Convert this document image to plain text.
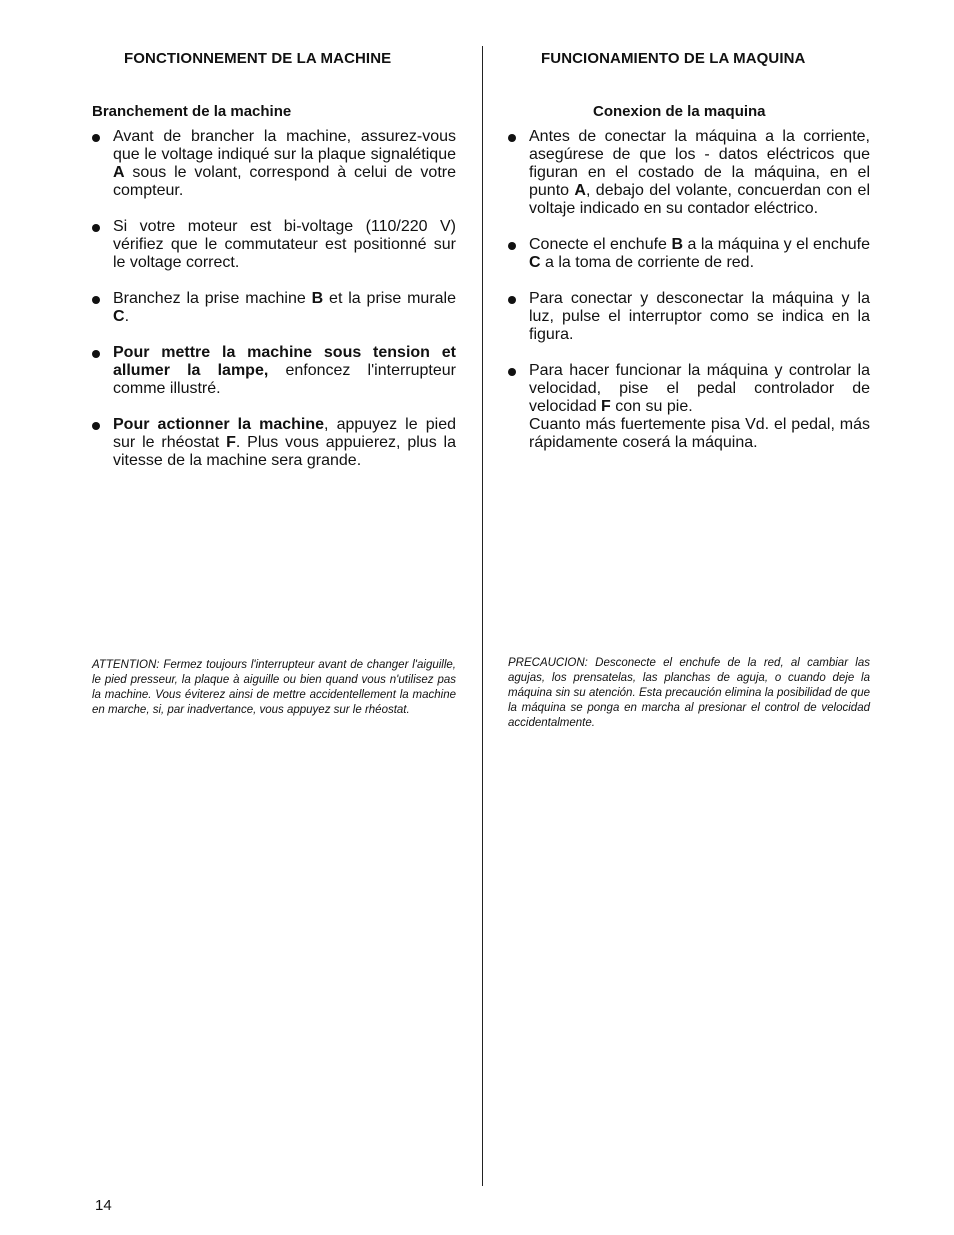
FONCTIONNEMENT DE LA MACHINE
Branchement de la machine
Avant de brancher la machine, assurez-vous que le voltage indiqué sur la plaque signalétique A sous le volant, correspond à celui de votre compteur.
Si votre moteur est bi-voltage (110/220 V) vérifiez que le commutateur est positionné sur le voltage correct.
Branchez la prise machine B et la prise murale C.
Pour mettre la machine sous tension et allumer la lampe, enfoncez l'interrupteur comme illustré.
Pour actionner la machine, appuyez le pied sur le rhéostat F. Plus vous appuierez, plus la vitesse de la machine sera grande.

ATTENTION: Fermez toujours l'interrupteur avant de changer l'aiguille, le pied presseur, la plaque à aiguille ou bien quand vous n'utilisez pas la machine. Vous éviterez ainsi de mettre accidentellement la machine en marche, si, par inadvertance, vous appuyez sur le rhéostat.

FUNCIONAMIENTO DE LA MAQUINA
Conexion de la maquina
Antes de conectar la máquina a la corriente, asegúrese de que los - datos eléctricos que figuran en el costado de la máquina, en el punto A, debajo del volante, concuerdan con el voltaje indicado en su contador eléctrico.
Conecte el enchufe B a la máquina y el enchufe C a la toma de corriente de red.
Para conectar y desconectar la máquina y la luz, pulse el interruptor como se indica en la figura.
Para hacer funcionar la máquina y controlar la velocidad, pise el pedal controlador de velocidad F con su pie.
Cuanto más fuertemente pisa Vd. el pedal, más rápidamente coserá la máquina.

PRECAUCION: Desconecte el enchufe de la red, al cambiar las agujas, los prensatelas, las planchas de aguja, o cuando deje la máquina sin su atención. Esta precaución elimina la posibilidad de que la máquina se ponga en marcha al presionar el control de velocidad accidentalmente.

14
